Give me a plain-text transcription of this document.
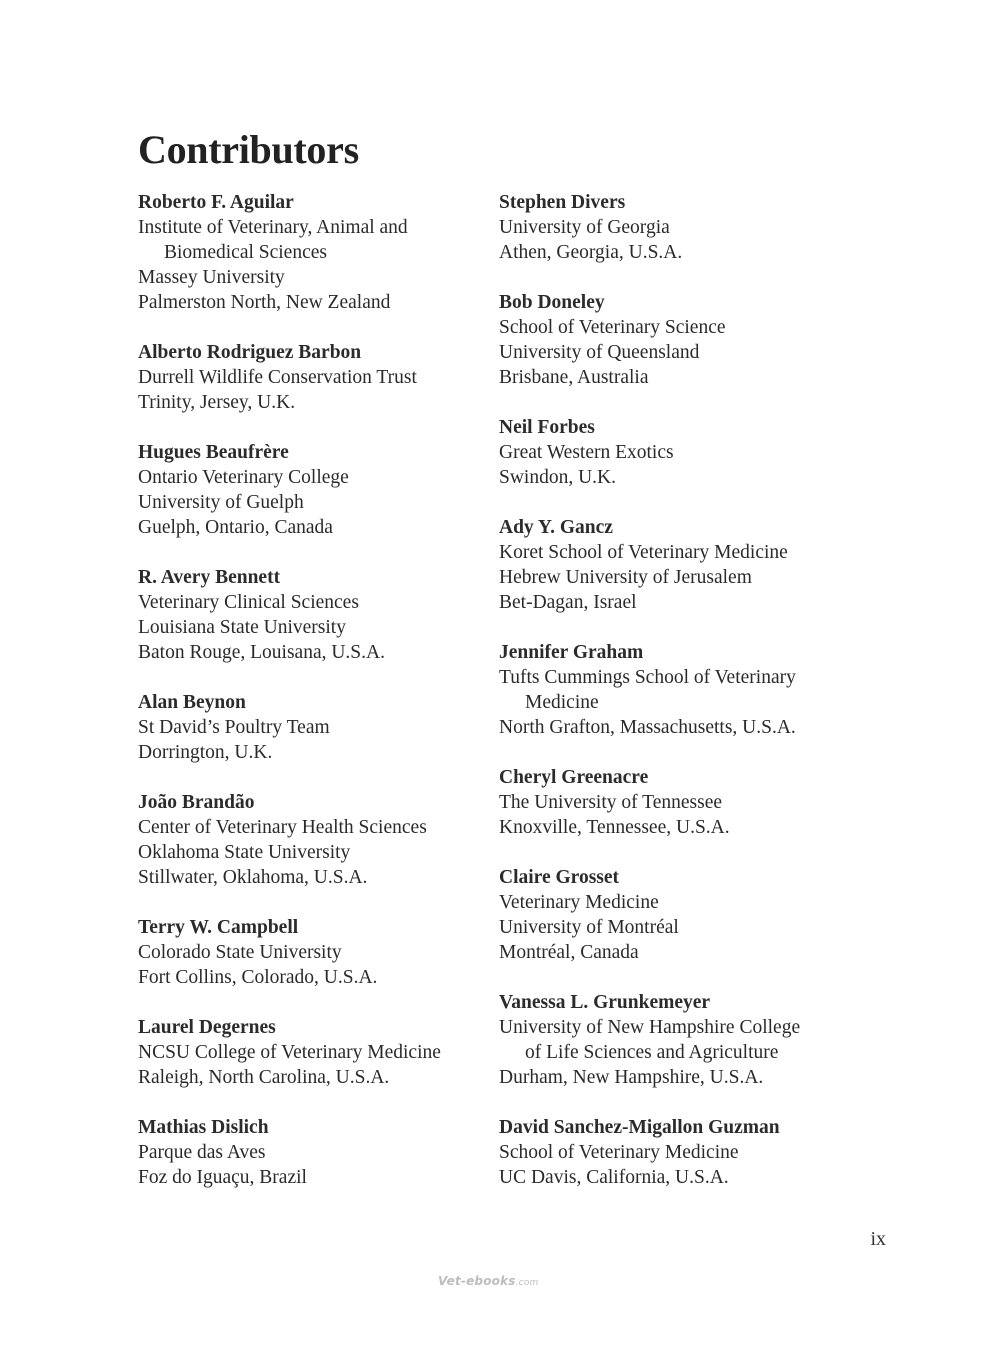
Contributors
Roberto F. Aguilar
Institute of Veterinary, Animal and
Biomedical Sciences
Massey University
Palmerston North, New Zealand
Alberto Rodriguez Barbon
Durrell Wildlife Conservation Trust
Trinity, Jersey, U.K.
Hugues Beaufrère
Ontario Veterinary College
University of Guelph
Guelph, Ontario, Canada
R. Avery Bennett
Veterinary Clinical Sciences
Louisiana State University
Baton Rouge, Louisana, U.S.A.
Alan Beynon
St David’s Poultry Team
Dorrington, U.K.
João Brandão
Center of Veterinary Health Sciences
Oklahoma State University
Stillwater, Oklahoma, U.S.A.
Terry W. Campbell
Colorado State University
Fort Collins, Colorado, U.S.A.
Laurel Degernes
NCSU College of Veterinary Medicine
Raleigh, North Carolina, U.S.A.
Mathias Dislich
Parque das Aves
Foz do Iguaçu, Brazil
Stephen Divers
University of Georgia
Athen, Georgia, U.S.A.
Bob Doneley
School of Veterinary Science
University of Queensland
Brisbane, Australia
Neil Forbes
Great Western Exotics
Swindon, U.K.
Ady Y. Gancz
Koret School of Veterinary Medicine
Hebrew University of Jerusalem
Bet-Dagan, Israel
Jennifer Graham
Tufts Cummings School of Veterinary
Medicine
North Grafton, Massachusetts, U.S.A.
Cheryl Greenacre
The University of Tennessee
Knoxville, Tennessee, U.S.A.
Claire Grosset
Veterinary Medicine
University of Montréal
Montréal, Canada
Vanessa L. Grunkemeyer
University of New Hampshire College
of Life Sciences and Agriculture
Durham, New Hampshire, U.S.A.
David Sanchez-Migallon Guzman
School of Veterinary Medicine
UC Davis, California, U.S.A.
ix
Vet-ebooks.com
